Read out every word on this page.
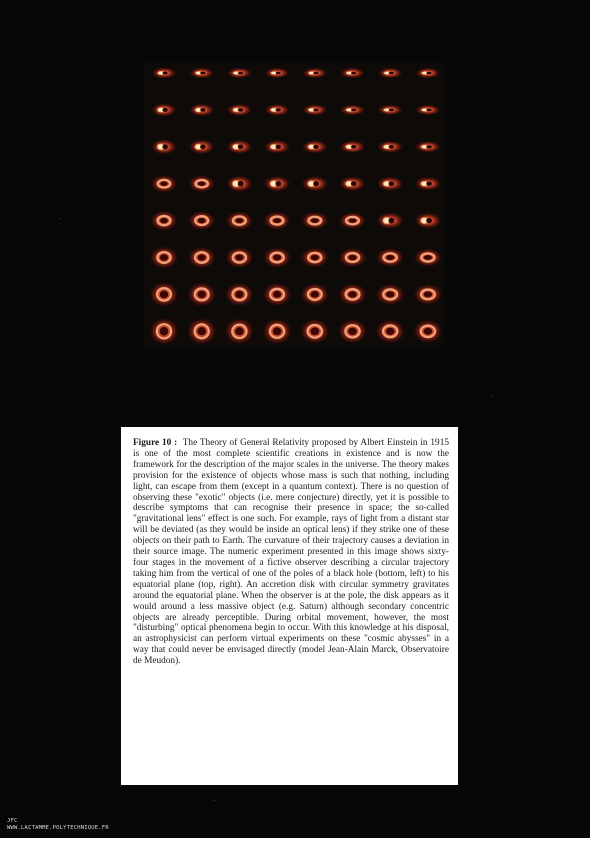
Figure 10 : The Theory of General Relativity proposed by Albert Einstein in 1915 is one of the most complete scientific creations in existence and is now the framework for the description of the major scales in the universe. The theory makes provision for the existence of objects whose mass is such that nothing, including light, can escape from them (except in a quantum context). There is no question of observing these "exotic" objects (i.e. mere conjecture) directly, yet it is possible to describe symptoms that can recognise their presence in space; the so-called "gravitational lens" effect is one such. For example, rays of light from a distant star will be deviated (as they would be inside an optical lens) if they strike one of these objects on their path to Earth. The curvature of their trajectory causes a deviation in their source image. The numeric experiment presented in this image shows sixty-four stages in the movement of a fictive observer describing a circular trajectory taking him from the vertical of one of the poles of a black hole (bottom, left) to his equatorial plane (top, right). An accretion disk with circular symmetry gravitates around the equatorial plane. When the observer is at the pole, the disk appears as it would around a less massive object (e.g. Saturn) although secondary concentric objects are already perceptible. During orbital movement, however, the most "disturbing" optical phenomena begin to occur. With this knowledge at his disposal, an astrophysicist can perform virtual experiments on these "cosmic abysses" in a way that could never be envisaged directly (model Jean-Alain Marck, Observatoire de Meudon).

JFC
WWW.LACTAMME.POLYTECHNIQUE.FR
